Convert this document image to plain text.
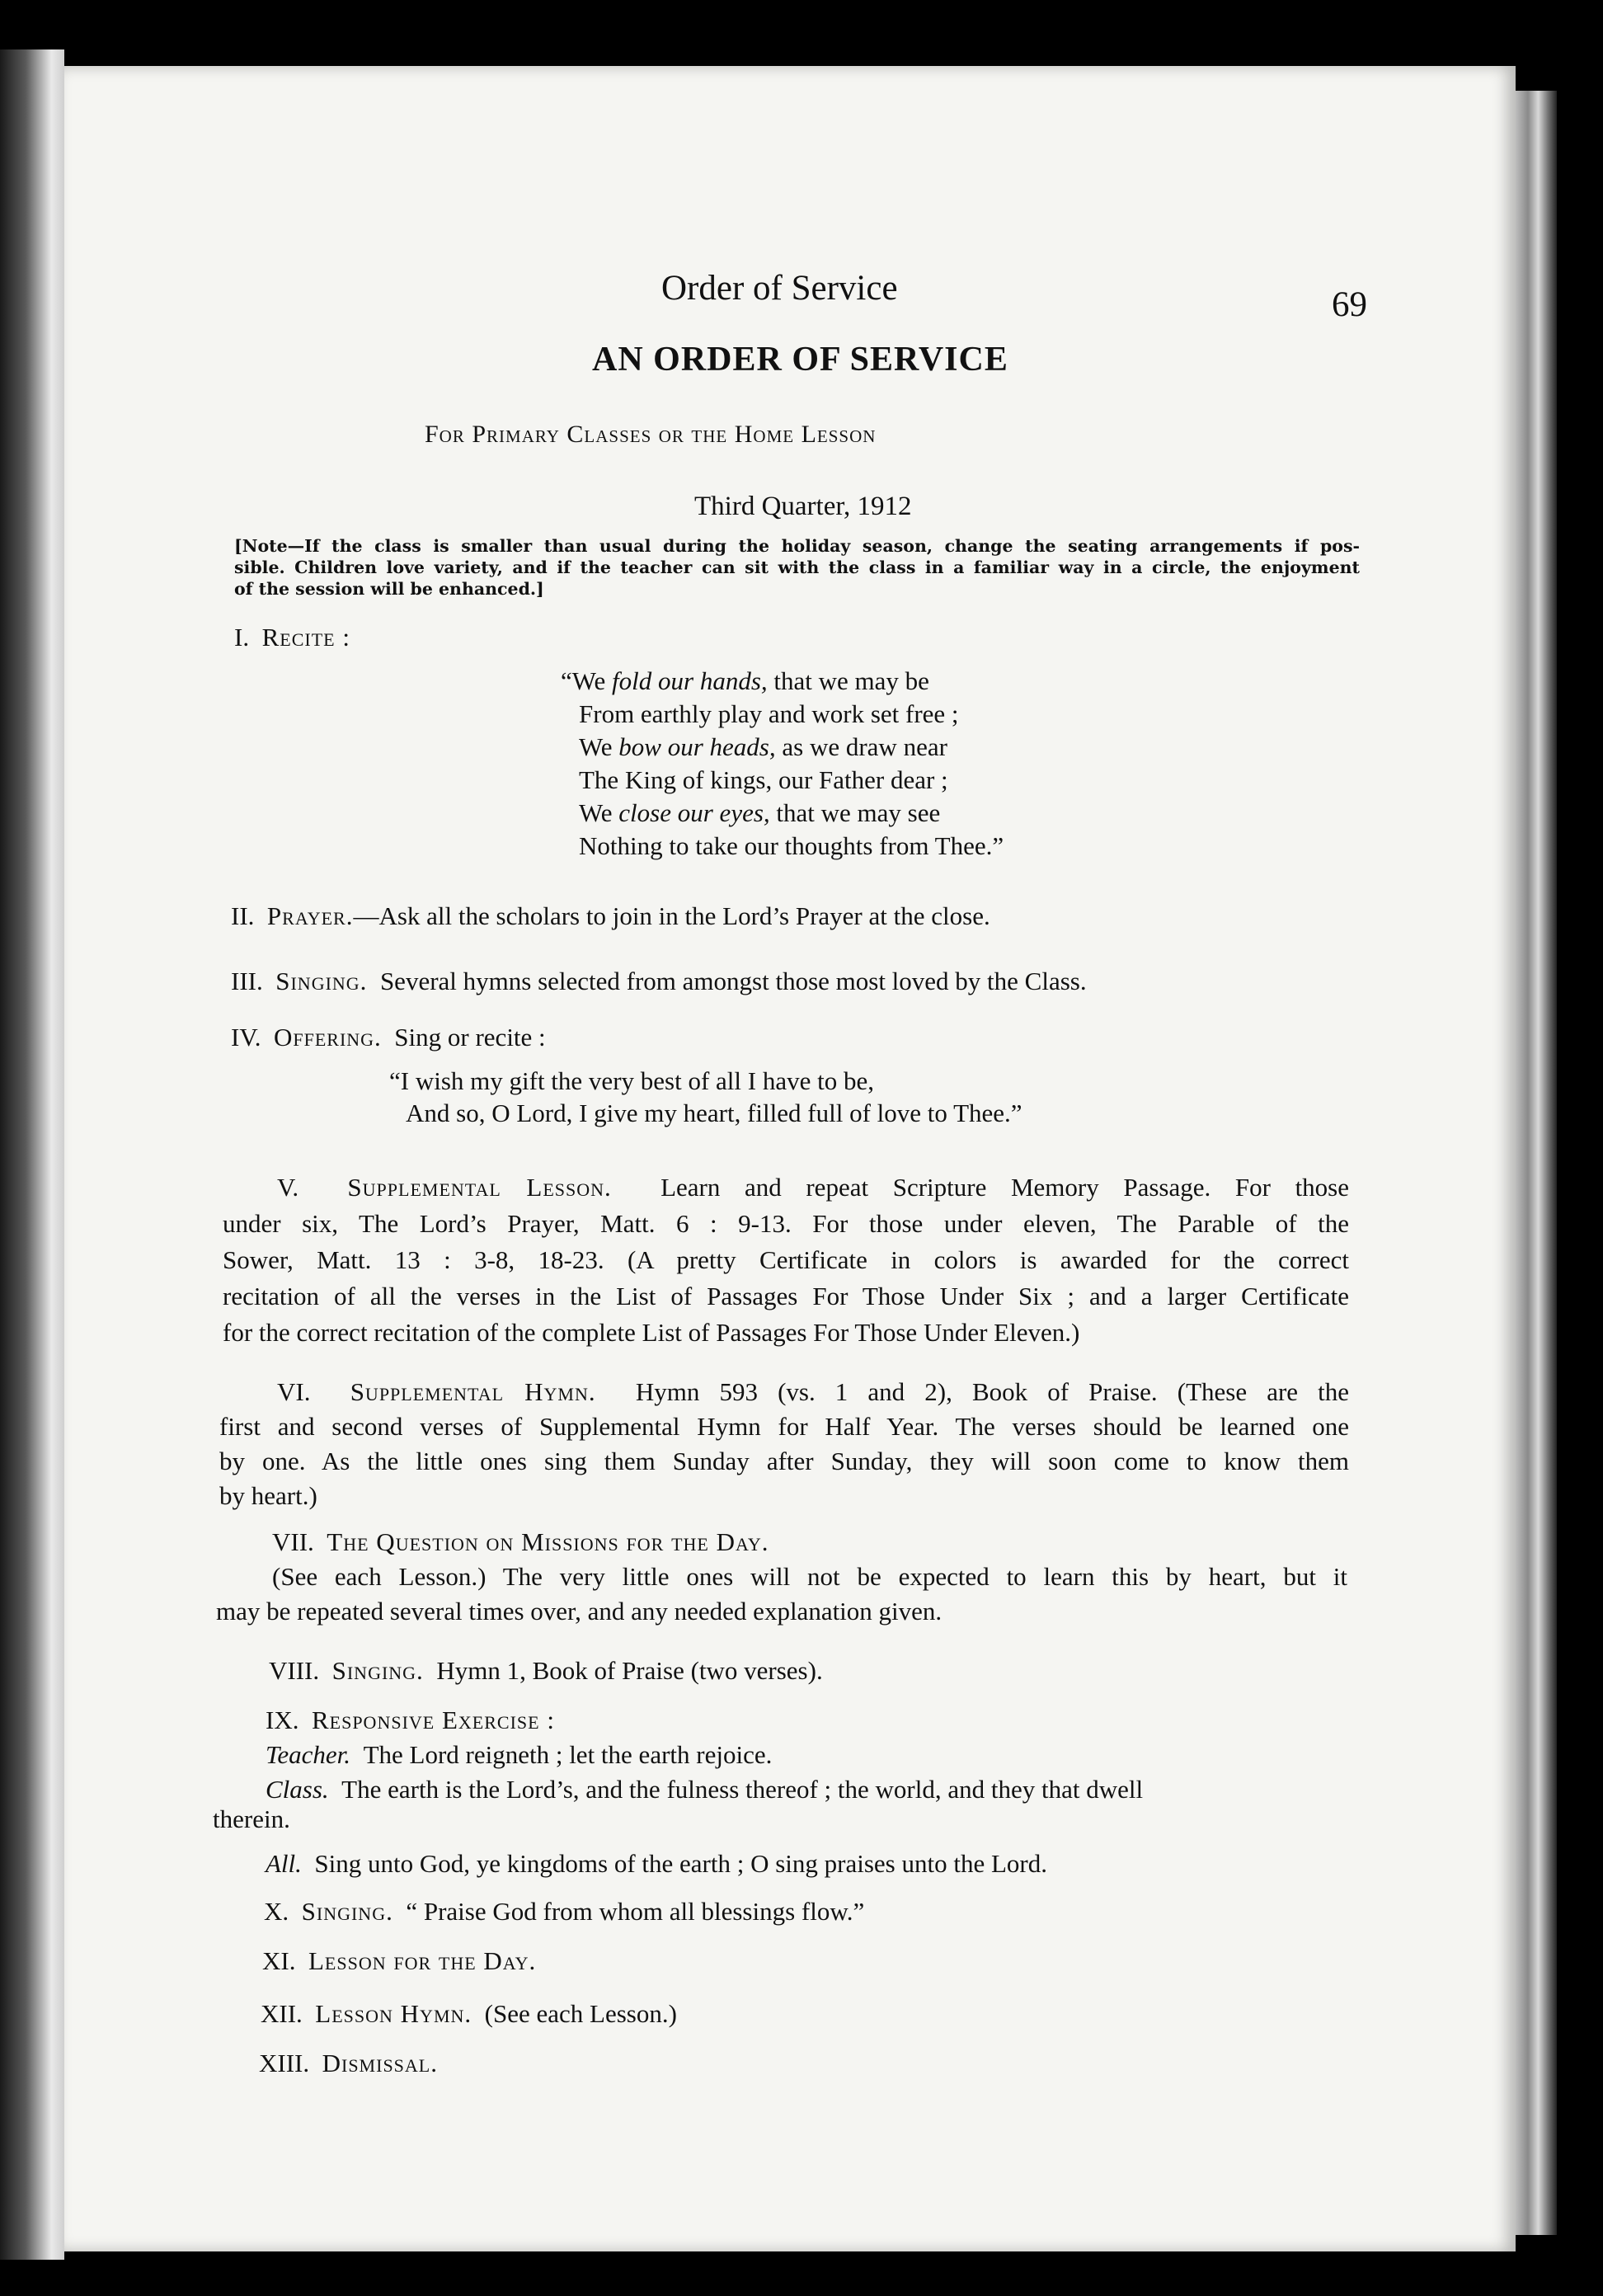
Order of Service	69
AN ORDER OF SERVICE
For Primary Classes or the Home Lesson
Third Quarter, 1912
[Note—If the class is smaller than usual during the holiday season, change the seating arrangements if pos-
sible. Children love variety, and if the teacher can sit with the class in a familiar way in a circle, the enjoyment
of the session will be enhanced.]
I. Recite :
“We fold our hands, that we may be
From earthly play and work set free ;
We bow our heads, as we draw near
The King of kings, our Father dear ;
We close our eyes, that we may see
Nothing to take our thoughts from Thee.”
II. Prayer.—Ask all the scholars to join in the Lord’s Prayer at the close.
III. Singing. Several hymns selected from amongst those most loved by the Class.
IV. Offering. Sing or recite :
“I wish my gift the very best of all I have to be,
And so, O Lord, I give my heart, filled full of love to Thee.”
V. Supplemental Lesson. Learn and repeat Scripture Memory Passage. For those
under six, The Lord’s Prayer, Matt. 6 : 9-13. For those under eleven, The Parable of the
Sower, Matt. 13 : 3-8, 18-23. (A pretty Certificate in colors is awarded for the correct
recitation of all the verses in the List of Passages For Those Under Six ; and a larger Certificate
for the correct recitation of the complete List of Passages For Those Under Eleven.)
VI. Supplemental Hymn. Hymn 593 (vs. 1 and 2), Book of Praise. (These are the
first and second verses of Supplemental Hymn for Half Year. The verses should be learned one
by one. As the little ones sing them Sunday after Sunday, they will soon come to know them
by heart.)
VII. The Question on Missions for the Day.
(See each Lesson.) The very little ones will not be expected to learn this by heart, but it
may be repeated several times over, and any needed explanation given.
VIII. Singing. Hymn 1, Book of Praise (two verses).
IX. Responsive Exercise :
Teacher. The Lord reigneth ; let the earth rejoice.
Class. The earth is the Lord’s, and the fulness thereof ; the world, and they that dwell
therein.
All. Sing unto God, ye kingdoms of the earth ; O sing praises unto the Lord.
X. Singing. “ Praise God from whom all blessings flow.”
XI. Lesson for the Day.
XII. Lesson Hymn. (See each Lesson.)
XIII. Dismissal.
